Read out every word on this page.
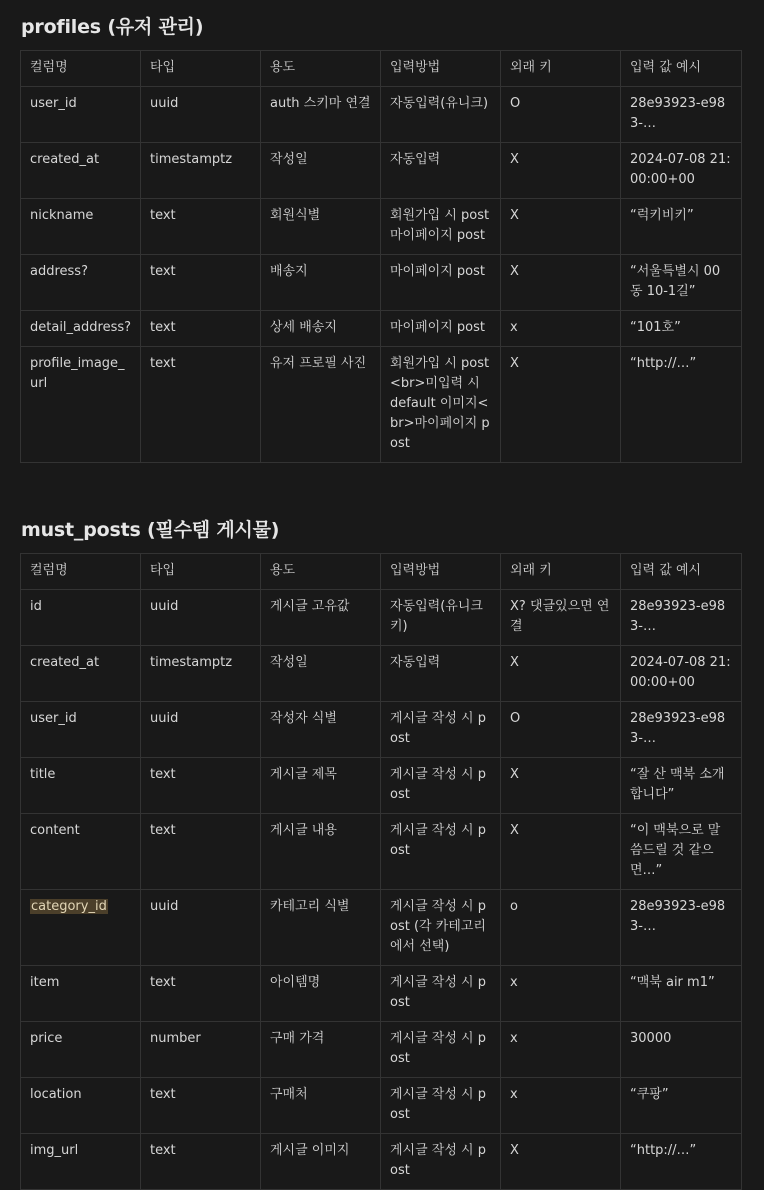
profiles (유저 관리)
컬럼명	타입	용도	입력방법	외래 키	입력 값 예시
user_id	uuid	auth 스키마 연결	자동입력(유니크)	O	28e93923-e983-…
created_at	timestamptz	작성일	자동입력	X	2024-07-08 21:00:00+00
nickname	text	회원식별	회원가입 시 post 마이페이지 post	X	“럭키비키”
address?	text	배송지	마이페이지 post	X	“서울특별시 00동 10-1길”
detail_address?	text	상세 배송지	마이페이지 post	x	“101호”
profile_image_url	text	유저 프로필 사진	회원가입 시 post<br>미입력 시 default 이미지<br>마이페이지 post	X	“http://…”
must_posts (필수템 게시물)
컬럼명	타입	용도	입력방법	외래 키	입력 값 예시
id	uuid	게시글 고유값	자동입력(유니크키)	X? 댓글있으면 연결	28e93923-e983-…
created_at	timestamptz	작성일	자동입력	X	2024-07-08 21:00:00+00
user_id	uuid	작성자 식별	게시글 작성 시 post	O	28e93923-e983-…
title	text	게시글 제목	게시글 작성 시 post	X	“잘 산 맥북 소개합니다”
content	text	게시글 내용	게시글 작성 시 post	X	“이 맥북으로 말씀드릴 것 같으면…”
category_id	uuid	카테고리 식별	게시글 작성 시 post (각 카테고리에서 선택)	o	28e93923-e983-…
item	text	아이템명	게시글 작성 시 post	x	“맥북 air m1”
price	number	구매 가격	게시글 작성 시 post	x	30000
location	text	구매처	게시글 작성 시 post	x	“쿠팡”
img_url	text	게시글 이미지	게시글 작성 시 post	X	“http://…”
